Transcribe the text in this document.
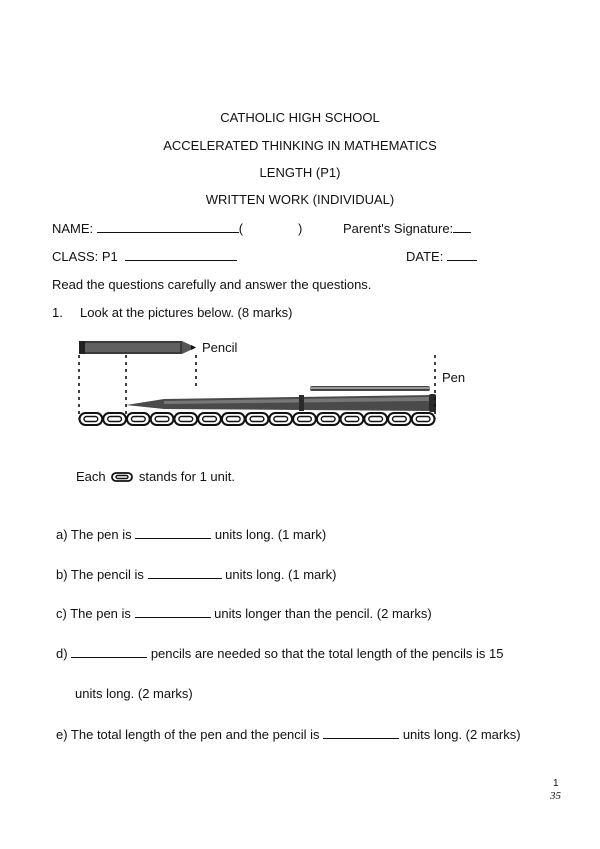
CATHOLIC HIGH SCHOOL
ACCELERATED THINKING IN MATHEMATICS
LENGTH (P1)
WRITTEN WORK (INDIVIDUAL)
NAME:	(	)	Parent's Signature:
CLASS: P1	DATE:
Read the questions carefully and answer the questions.
1. Look at the pictures below. (8 marks)
Pencil
Pen
Each	stands for 1 unit.
a) The pen is	units long. (1 mark)
b) The pencil is	units long. (1 mark)
c) The pen is	units longer than the pencil. (2 marks)
d)	pencils are needed so that the total length of the pencils is 15
units long. (2 marks)
e) The total length of the pen and the pencil is	units long. (2 marks)
1
35
